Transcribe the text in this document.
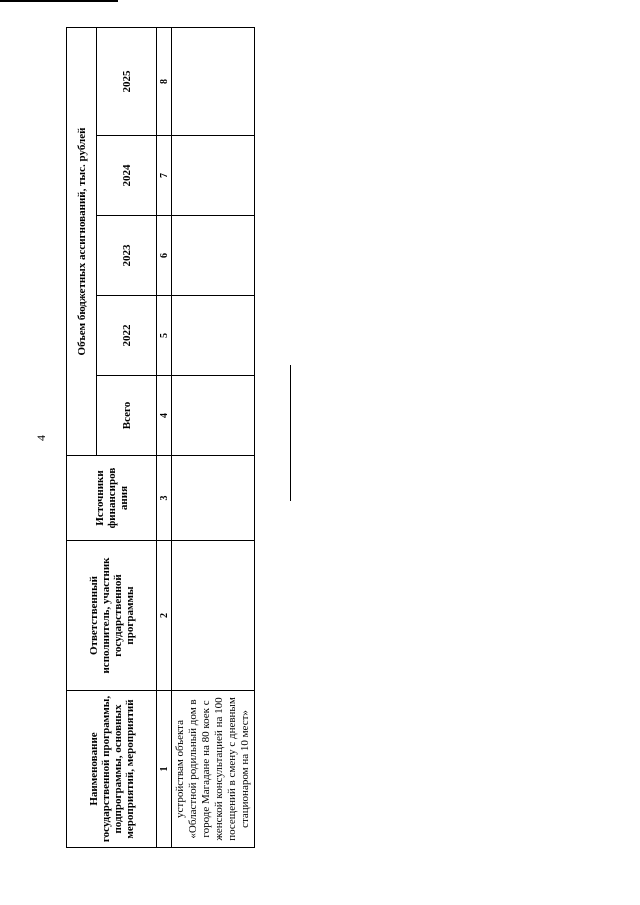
4
Наименование государственной программы, подпрограммы, основных мероприятий, мероприятий	Ответственный исполнитель, участник государственной программы	Источники финансиров ания	Объем бюджетных ассигнований, тыс. рублей				
			Всего	2022	2023	2024	2025
1	2	3	4	5	6	7	8
устройствам объекта «Областной родильный дом в городе Магадане на 80 коек с женской консультацией на 100 посещений в смену с дневным стационаром на 10 мест»							
